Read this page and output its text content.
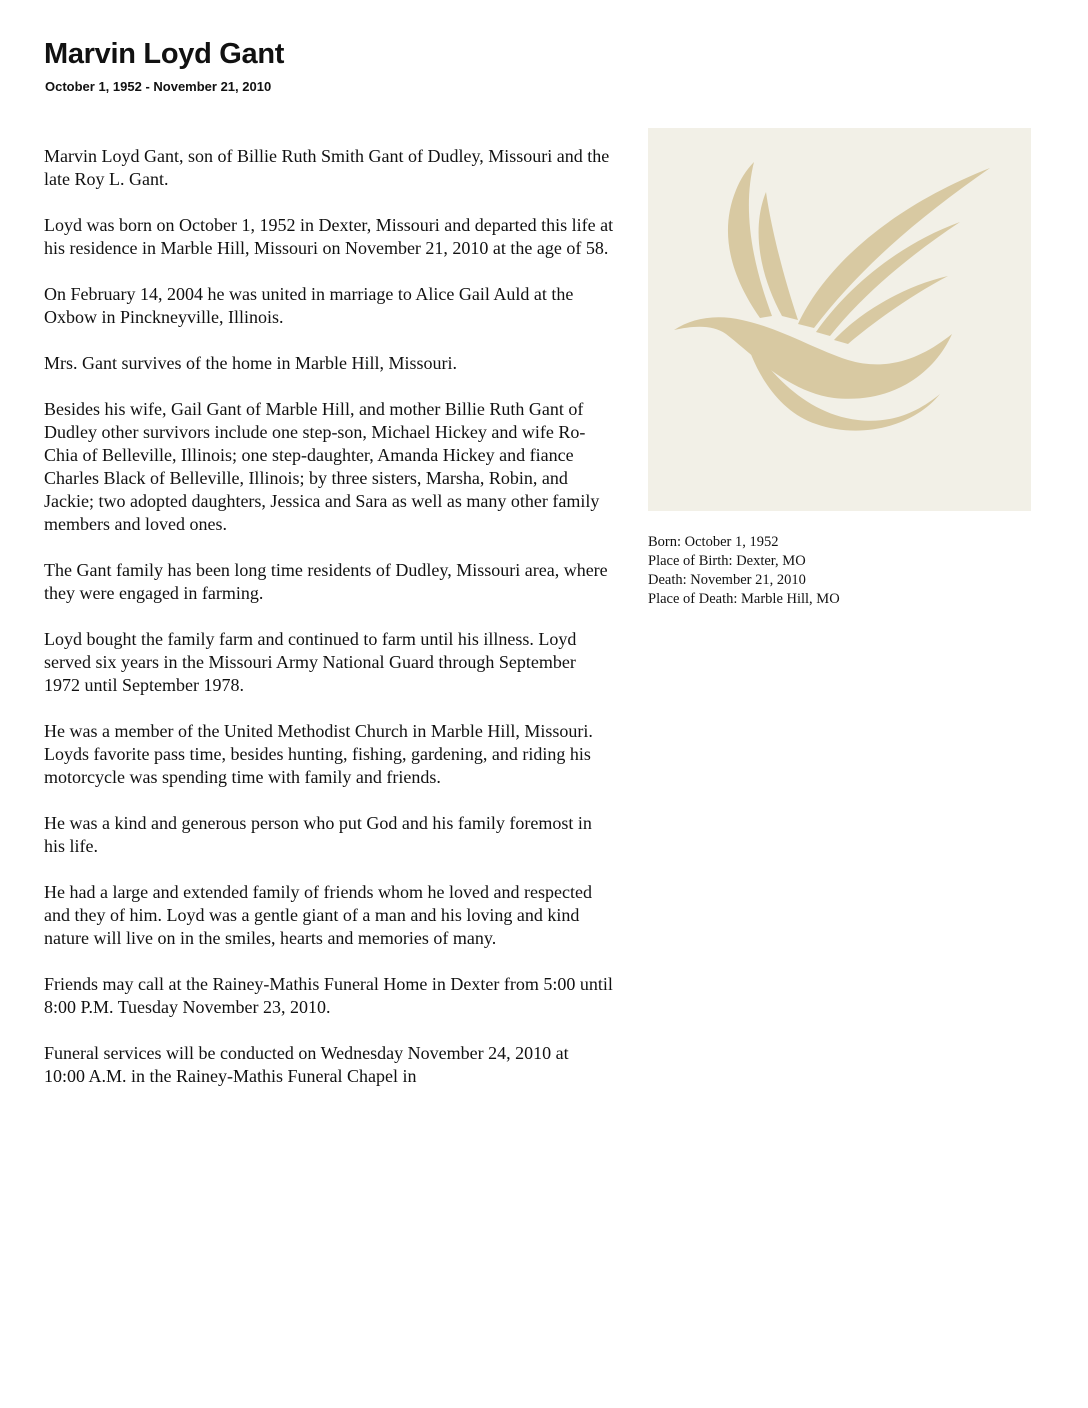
Marvin Loyd Gant
October 1, 1952 - November 21, 2010

Marvin Loyd Gant, son of Billie Ruth Smith Gant of Dudley, Missouri and the late Roy L. Gant.

Loyd was born on October 1, 1952 in Dexter, Missouri and departed this life at his residence in Marble Hill, Missouri on November 21, 2010 at the age of 58.

On February 14, 2004 he was united in marriage to Alice Gail Auld at the Oxbow in Pinckneyville, Illinois.

Mrs. Gant survives of the home in Marble Hill, Missouri.

Besides his wife, Gail Gant of Marble Hill, and mother Billie Ruth Gant of Dudley other survivors include one step-son, Michael Hickey and wife Ro-Chia of Belleville, Illinois; one step-daughter, Amanda Hickey and fiance Charles Black of Belleville, Illinois; by three sisters, Marsha, Robin, and Jackie; two adopted daughters, Jessica and Sara as well as many other family members and loved ones.

The Gant family has been long time residents of Dudley, Missouri area, where they were engaged in farming.

Loyd bought the family farm and continued to farm until his illness. Loyd served six years in the Missouri Army National Guard through September 1972 until September 1978.

He was a member of the United Methodist Church in Marble Hill, Missouri. Loyds favorite pass time, besides hunting, fishing, gardening, and riding his motorcycle was spending time with family and friends.

He was a kind and generous person who put God and his family foremost in his life.

He had a large and extended family of friends whom he loved and respected and they of him. Loyd was a gentle giant of a man and his loving and kind nature will live on in the smiles, hearts and memories of many.

Friends may call at the Rainey-Mathis Funeral Home in Dexter from 5:00 until 8:00 P.M. Tuesday November 23, 2010.

Funeral services will be conducted on Wednesday November 24, 2010 at 10:00 A.M. in the Rainey-Mathis Funeral Chapel in

Born: October 1, 1952
Place of Birth: Dexter, MO
Death: November 21, 2010
Place of Death: Marble Hill, MO
